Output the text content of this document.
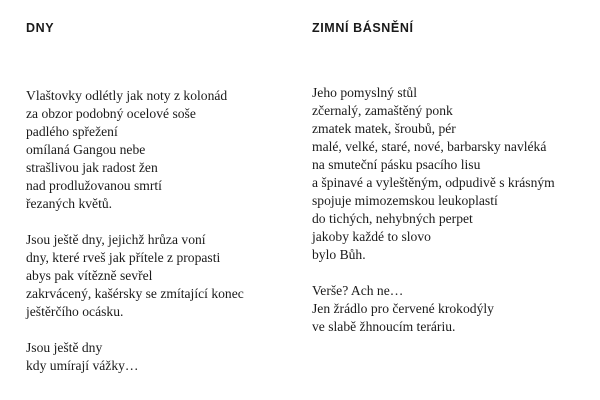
DNY
Vlaštovky odlétly jak noty z kolonád
za obzor podobný ocelové soše
padlého spřežení
omílaná Gangou nebe
strašlivou jak radost žen
nad prodlužovanou smrtí
řezaných květů.
Jsou ještě dny, jejichž hrůza voní
dny, které rveš jak přítele z propasti
abys pak vítězně sevřel
zakrvácený, kašérsky se zmítající konec
ještěrčího ocásku.
Jsou ještě dny
kdy umírají vážky…
ZIMNÍ BÁSNĚNÍ
Jeho pomyslný stůl
zčernalý, zamaštěný ponk
zmatek matek, šroubů, pér
malé, velké, staré, nové, barbarsky navléká
na smuteční pásku psacího lisu
a špinavé a vyleštěným, odpudivě s krásným
spojuje mimozemskou leukoplastí
do tichých, nehybných perpet
jakoby každé to slovo
bylo Bůh.
Verše? Ach ne…
Jen žrádlo pro červené krokodýly
ve slabě žhnoucím teráriu.
